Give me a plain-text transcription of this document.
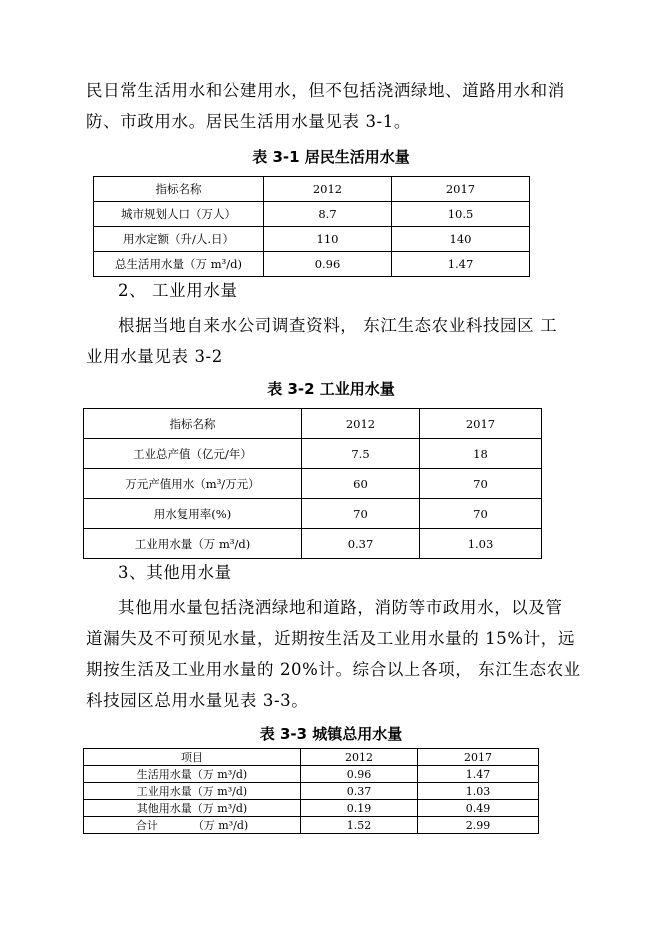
民日常生活用水和公建用水，但不包括浇洒绿地、道路用水和消
防、市政用水。居民生活用水量见表 3-1。
表 3-1 居民生活用水量
指标名称	2012	2017
城市规划人口（万人）	8.7	10.5
用水定额（升/人.日）	110	140
总生活用水量（万 m³/d)	0.96	1.47
2、 工业用水量
根据当地自来水公司调查资料， 东江生态农业科技园区 工
业用水量见表 3-2
表 3-2 工业用水量
指标名称	2012	2017
工业总产值（亿元/年）	7.5	18
万元产值用水（m³/万元）	60	70
用水复用率(%)	70	70
工业用水量（万 m³/d)	0.37	1.03
3、其他用水量
其他用水量包括浇洒绿地和道路，消防等市政用水，以及管
道漏失及不可预见水量，近期按生活及工业用水量的 15%计，远
期按生活及工业用水量的 20%计。综合以上各项， 东江生态农业
科技园区总用水量见表 3-3。
表 3-3 城镇总用水量
项目	2012	2017
生活用水量（万 m³/d)	0.96	1.47
工业用水量（万 m³/d)	0.37	1.03
其他用水量（万 m³/d)	0.19	0.49
合计          （万 m³/d)	1.52	2.99
